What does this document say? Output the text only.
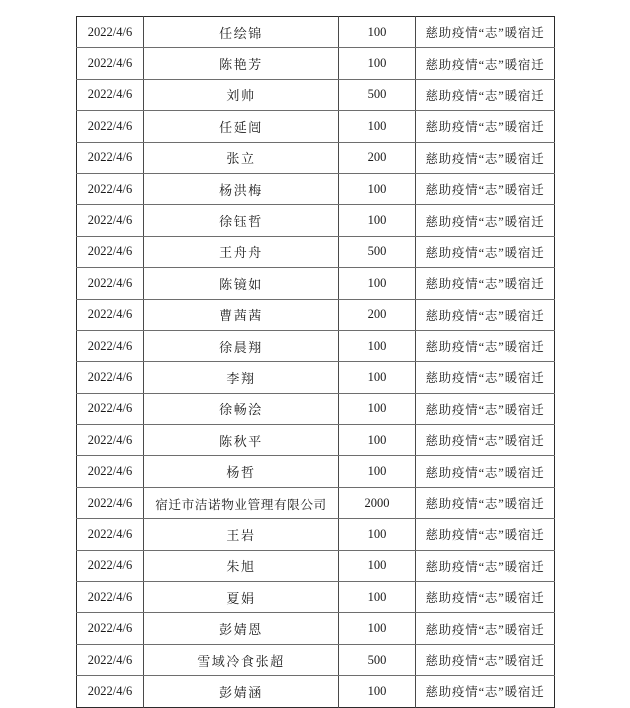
2022/4/6	任绘锦	100	慈助疫情“志”暖宿迁
2022/4/6	陈艳芳	100	慈助疫情“志”暖宿迁
2022/4/6	刘帅	500	慈助疫情“志”暖宿迁
2022/4/6	任延闿	100	慈助疫情“志”暖宿迁
2022/4/6	张立	200	慈助疫情“志”暖宿迁
2022/4/6	杨洪梅	100	慈助疫情“志”暖宿迁
2022/4/6	徐钰哲	100	慈助疫情“志”暖宿迁
2022/4/6	王舟舟	500	慈助疫情“志”暖宿迁
2022/4/6	陈镜如	100	慈助疫情“志”暖宿迁
2022/4/6	曹茜茜	200	慈助疫情“志”暖宿迁
2022/4/6	徐晨翔	100	慈助疫情“志”暖宿迁
2022/4/6	李翔	100	慈助疫情“志”暖宿迁
2022/4/6	徐畅浍	100	慈助疫情“志”暖宿迁
2022/4/6	陈秋平	100	慈助疫情“志”暖宿迁
2022/4/6	杨哲	100	慈助疫情“志”暖宿迁
2022/4/6	宿迁市洁诺物业管理有限公司	2000	慈助疫情“志”暖宿迁
2022/4/6	王岩	100	慈助疫情“志”暖宿迁
2022/4/6	朱旭	100	慈助疫情“志”暖宿迁
2022/4/6	夏娟	100	慈助疫情“志”暖宿迁
2022/4/6	彭婧恩	100	慈助疫情“志”暖宿迁
2022/4/6	雪域冷食张超	500	慈助疫情“志”暖宿迁
2022/4/6	彭婧涵	100	慈助疫情“志”暖宿迁
